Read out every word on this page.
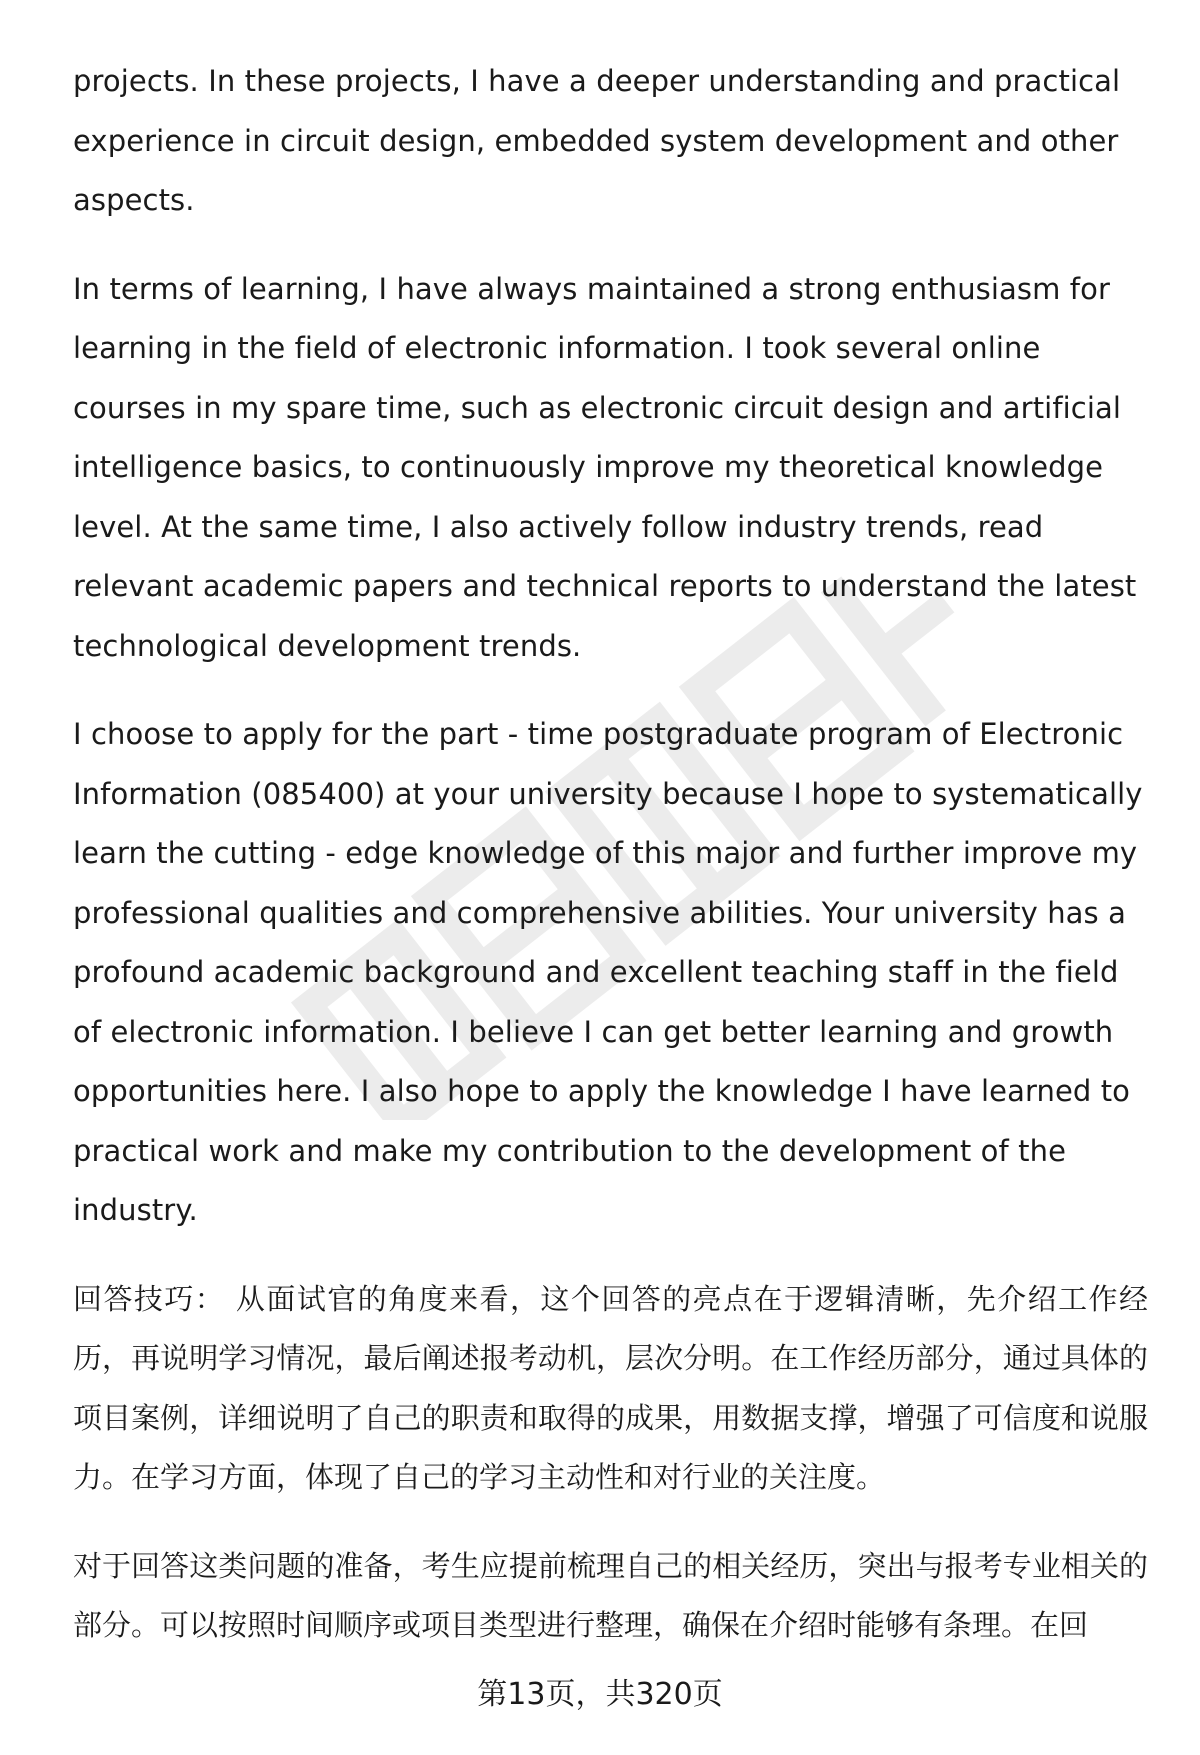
projects. In these projects, I have a deeper understanding and practical experience in circuit design, embedded system development and other aspects.

In terms of learning, I have always maintained a strong enthusiasm for learning in the field of electronic information. I took several online courses in my spare time, such as electronic circuit design and artificial intelligence basics, to continuously improve my theoretical knowledge level. At the same time, I also actively follow industry trends, read relevant academic papers and technical reports to understand the latest technological development trends.

I choose to apply for the part - time postgraduate program of Electronic Information (085400) at your university because I hope to systematically learn the cutting - edge knowledge of this major and further improve my professional qualities and comprehensive abilities. Your university has a profound academic background and excellent teaching staff in the field of electronic information. I believe I can get better learning and growth opportunities here. I also hope to apply the knowledge I have learned to practical work and make my contribution to the development of the industry.

回答技巧： 从面试官的角度来看，这个回答的亮点在于逻辑清晰，先介绍工作经历，再说明学习情况，最后阐述报考动机，层次分明。在工作经历部分，通过具体的项目案例，详细说明了自己的职责和取得的成果，用数据支撑，增强了可信度和说服力。在学习方面，体现了自己的学习主动性和对行业的关注度。

对于回答这类问题的准备，考生应提前梳理自己的相关经历，突出与报考专业相关的部分。可以按照时间顺序或项目类型进行整理，确保在介绍时能够有条理。在回

第13页，共320页
